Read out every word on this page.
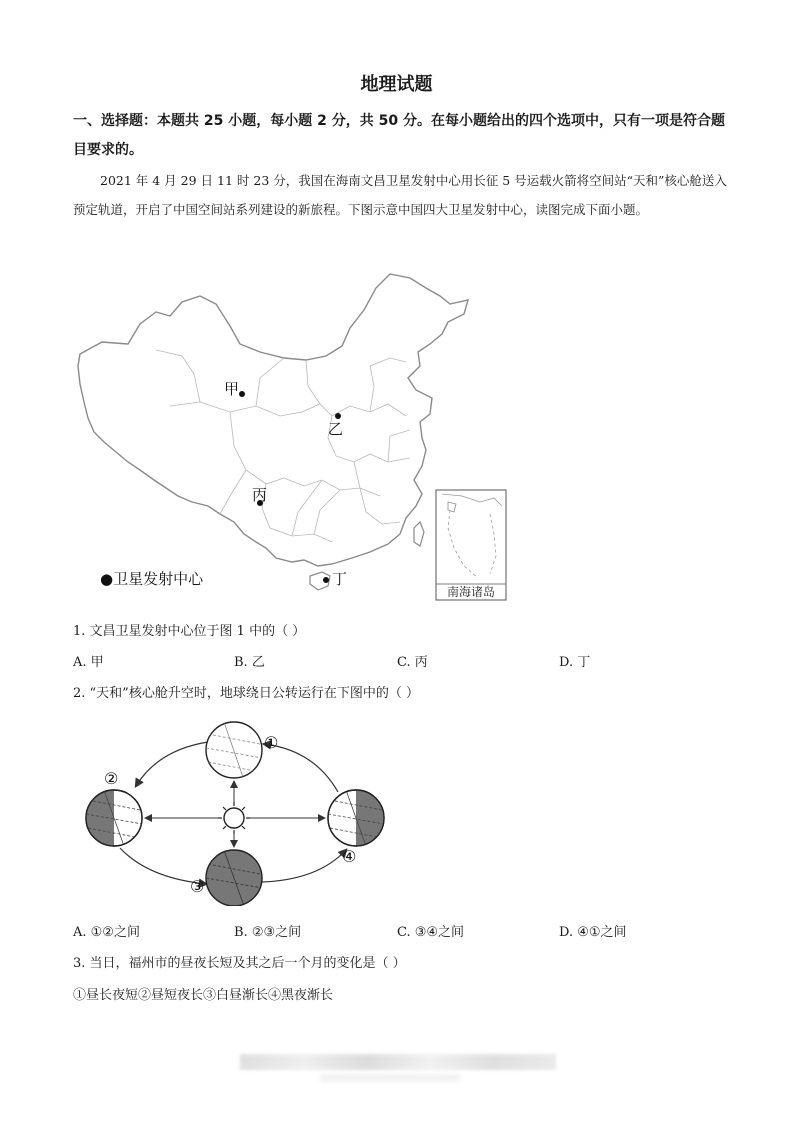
地理试题
一、选择题：本题共 25 小题，每小题 2 分，共 50 分。在每小题给出的四个选项中，只有一项是符合题目要求的。
2021 年 4 月 29 日 11 时 23 分，我国在海南文昌卫星发射中心用长征 5 号运载火箭将空间站“天和”核心舱送入预定轨道，开启了中国空间站系列建设的新旅程。下图示意中国四大卫星发射中心，读图完成下面小题。
南海诸岛
甲
乙
丙
丁
●卫星发射中心
1. 文昌卫星发射中心位于图 1 中的（ ）
A. 甲	B. 乙	C. 丙	D. 丁
2. “天和”核心舱升空时，地球绕日公转运行在下图中的（ ）
①
②
③
④
A. ①②之间	B. ②③之间	C. ③④之间	D. ④①之间
3. 当日，福州市的昼夜长短及其之后一个月的变化是（ ）
①昼长夜短②昼短夜长③白昼渐长④黑夜渐长
